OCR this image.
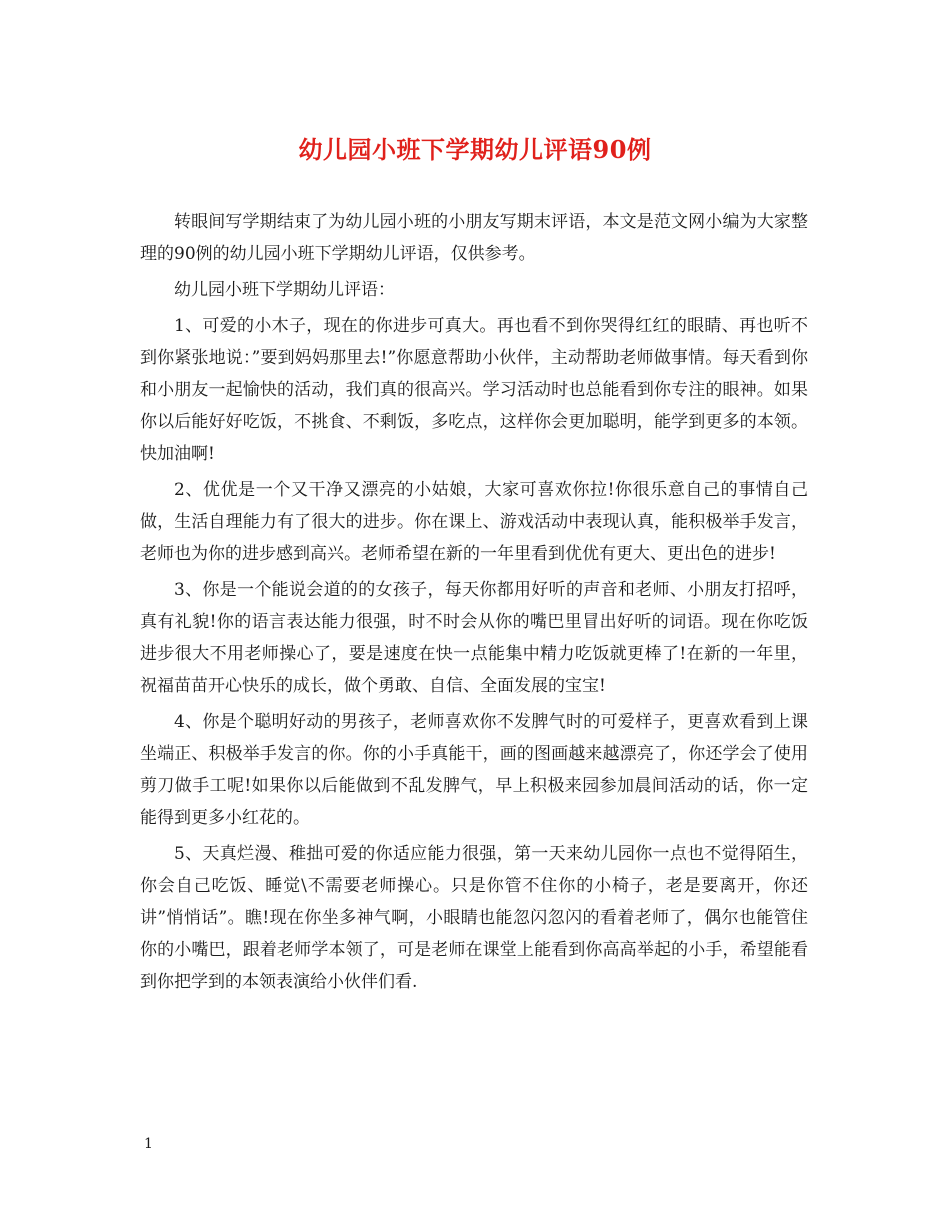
幼儿园小班下学期幼儿评语90例

转眼间写学期结束了为幼儿园小班的小朋友写期末评语，本文是范文网小编为大家整理的90例的幼儿园小班下学期幼儿评语，仅供参考。

幼儿园小班下学期幼儿评语：

1、可爱的小木子，现在的你进步可真大。再也看不到你哭得红红的眼睛、再也听不到你紧张地说：”要到妈妈那里去!”你愿意帮助小伙伴，主动帮助老师做事情。每天看到你和小朋友一起愉快的活动，我们真的很高兴。学习活动时也总能看到你专注的眼神。如果你以后能好好吃饭，不挑食、不剩饭，多吃点，这样你会更加聪明，能学到更多的本领。快加油啊!

2、优优是一个又干净又漂亮的小姑娘，大家可喜欢你拉!你很乐意自己的事情自己做，生活自理能力有了很大的进步。你在课上、游戏活动中表现认真，能积极举手发言，老师也为你的进步感到高兴。老师希望在新的一年里看到优优有更大、更出色的进步!

3、你是一个能说会道的的女孩子，每天你都用好听的声音和老师、小朋友打招呼，真有礼貌!你的语言表达能力很强，时不时会从你的嘴巴里冒出好听的词语。现在你吃饭进步很大不用老师操心了，要是速度在快一点能集中精力吃饭就更棒了!在新的一年里，祝福苗苗开心快乐的成长，做个勇敢、自信、全面发展的宝宝!

4、你是个聪明好动的男孩子，老师喜欢你不发脾气时的可爱样子，更喜欢看到上课坐端正、积极举手发言的你。你的小手真能干，画的图画越来越漂亮了，你还学会了使用剪刀做手工呢!如果你以后能做到不乱发脾气，早上积极来园参加晨间活动的话，你一定能得到更多小红花的。

5、天真烂漫、稚拙可爱的你适应能力很强，第一天来幼儿园你一点也不觉得陌生，你会自己吃饭、睡觉\不需要老师操心。只是你管不住你的小椅子，老是要离开，你还讲”悄悄话”。瞧!现在你坐多神气啊，小眼睛也能忽闪忽闪的看着老师了，偶尔也能管住你的小嘴巴，跟着老师学本领了，可是老师在课堂上能看到你高高举起的小手，希望能看到你把学到的本领表演给小伙伴们看.

1
